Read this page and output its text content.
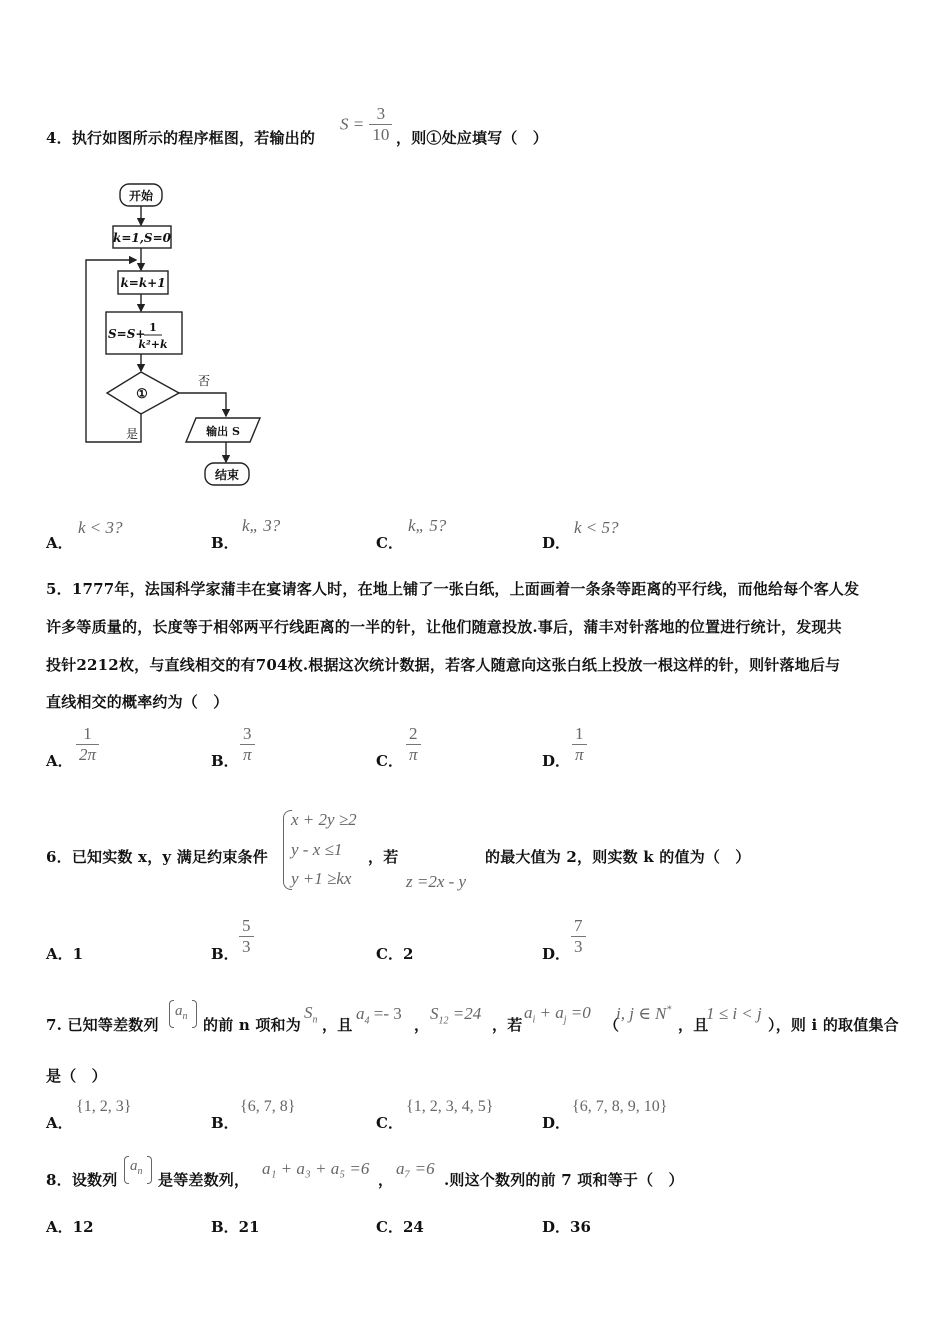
4．执行如图所示的程序框图，若输出的
$S = \frac{3}{10}$ ，则①处应填写（　）
开始
k=1,S=0
k=k+1
S=S+ 1
k²+k
①
否
是	输出 S
结束
A．
k < 3?
B．
k„ 3?
C．
k„ 5?
D．
k < 5?
5．1777年，法国科学家蒲丰在宴请客人时，在地上铺了一张白纸，上面画着一条条等距离的平行线，而他给每个客人发
许多等质量的，长度等于相邻两平行线距离的一半的针，让他们随意投放.事后，蒲丰对针落地的位置进行统计，发现共
投针2212枚，与直线相交的有704枚.根据这次统计数据，若客人随意向这张白纸上投放一根这样的针，则针落地后与
直线相交的概率约为（　）
A．
1
2π	B．
3
π	C．
2
π	D．
1
π
6．已知实数 x，y 满足约束条件
x + 2y ≥2
y - x ≤1
y +1 ≥kx
，若
z =2x - y
的最大值为 2，则实数 k 的值为（　）
A．1	B．
5
3	C．2	D．
7
3
7. 已知等差数列
$a_n$ 的前 n 项和为
$S_n$ ，且
$a_4 =- 3$
，
$S_{12} =24$
，若
$a_i + a_j =0$
（
i, j ∈ N*
，且
1 ≤ i < j
），则 i 的取值集合
是（　）
A．
{1, 2, 3}
B．
{6, 7, 8}
C．
{1, 2, 3, 4, 5}
D．
{6, 7, 8, 9, 10}
8．设数列
$a_n$ 是等差数列，
a₁ + a₃ + a₅ =6
，
a₇ =6
.则这个数列的前 7 项和等于（　）
A．12	B．21	C．24	D．36
